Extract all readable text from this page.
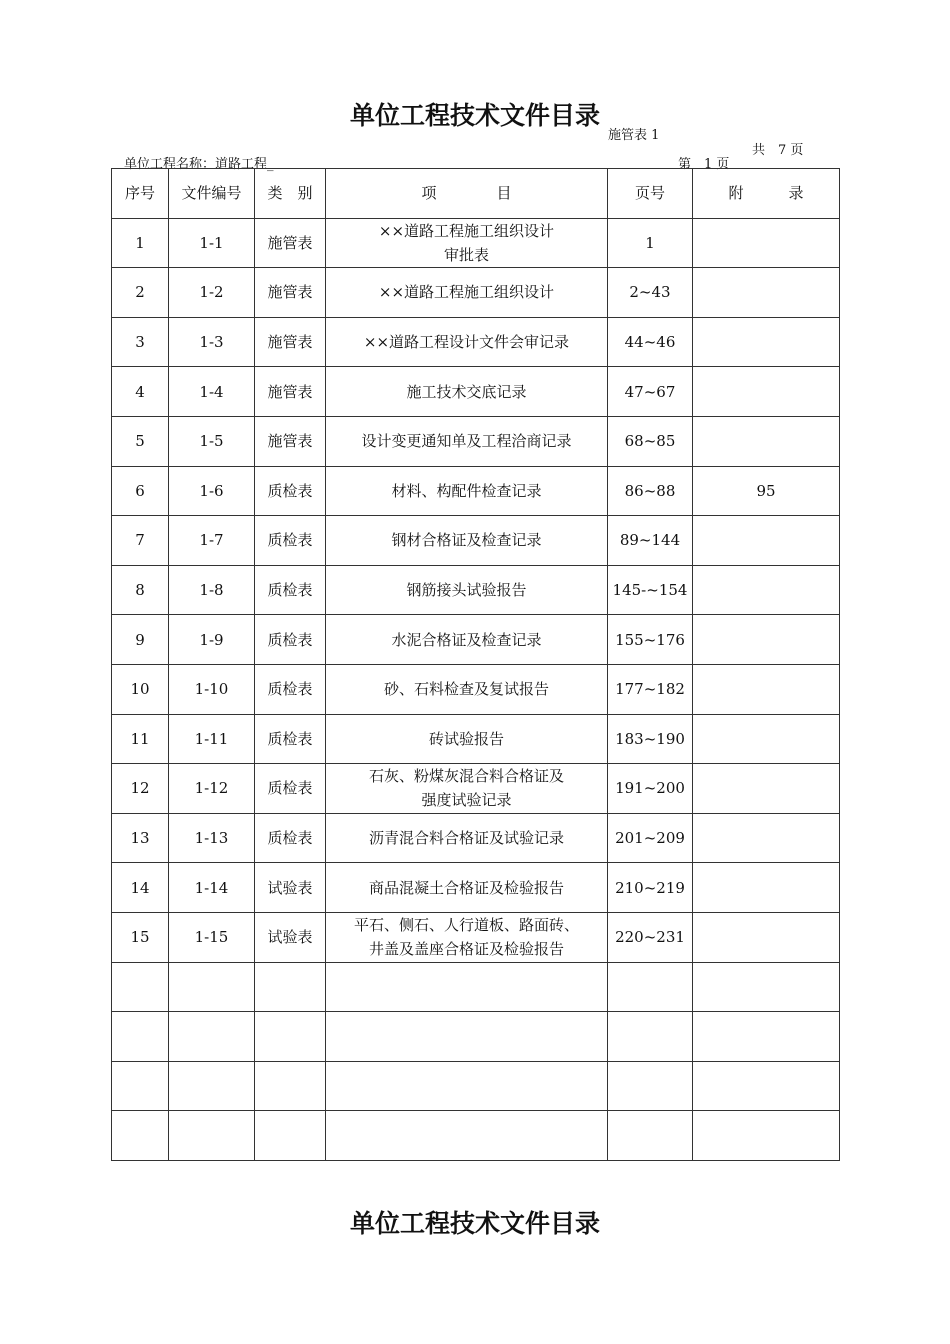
单位工程技术文件目录
施管表 1
共　7 页
单位工程名称：道路工程_	第　1 页
序号	文件编号	类　别	项　　　　目	页号	附　　　录
1	1-1	施管表	××道路工程施工组织设计
审批表	1	
2	1-2	施管表	××道路工程施工组织设计	2~43	
3	1-3	施管表	××道路工程设计文件会审记录	44~46	
4	1-4	施管表	施工技术交底记录	47~67	
5	1-5	施管表	设计变更通知单及工程洽商记录	68~85	
6	1-6	质检表	材料、构配件检查记录	86~88	95
7	1-7	质检表	钢材合格证及检查记录	89~144	
8	1-8	质检表	钢筋接头试验报告	145-~154	
9	1-9	质检表	水泥合格证及检查记录	155~176	
10	1-10	质检表	砂、石料检查及复试报告	177~182	
11	1-11	质检表	砖试验报告	183~190	
12	1-12	质检表	石灰、粉煤灰混合料合格证及
强度试验记录	191~200	
13	1-13	质检表	沥青混合料合格证及试验记录	201~209	
14	1-14	试验表	商品混凝土合格证及检验报告	210~219	
15	1-15	试验表	平石、侧石、人行道板、路面砖、
井盖及盖座合格证及检验报告	220~231	

单位工程技术文件目录
